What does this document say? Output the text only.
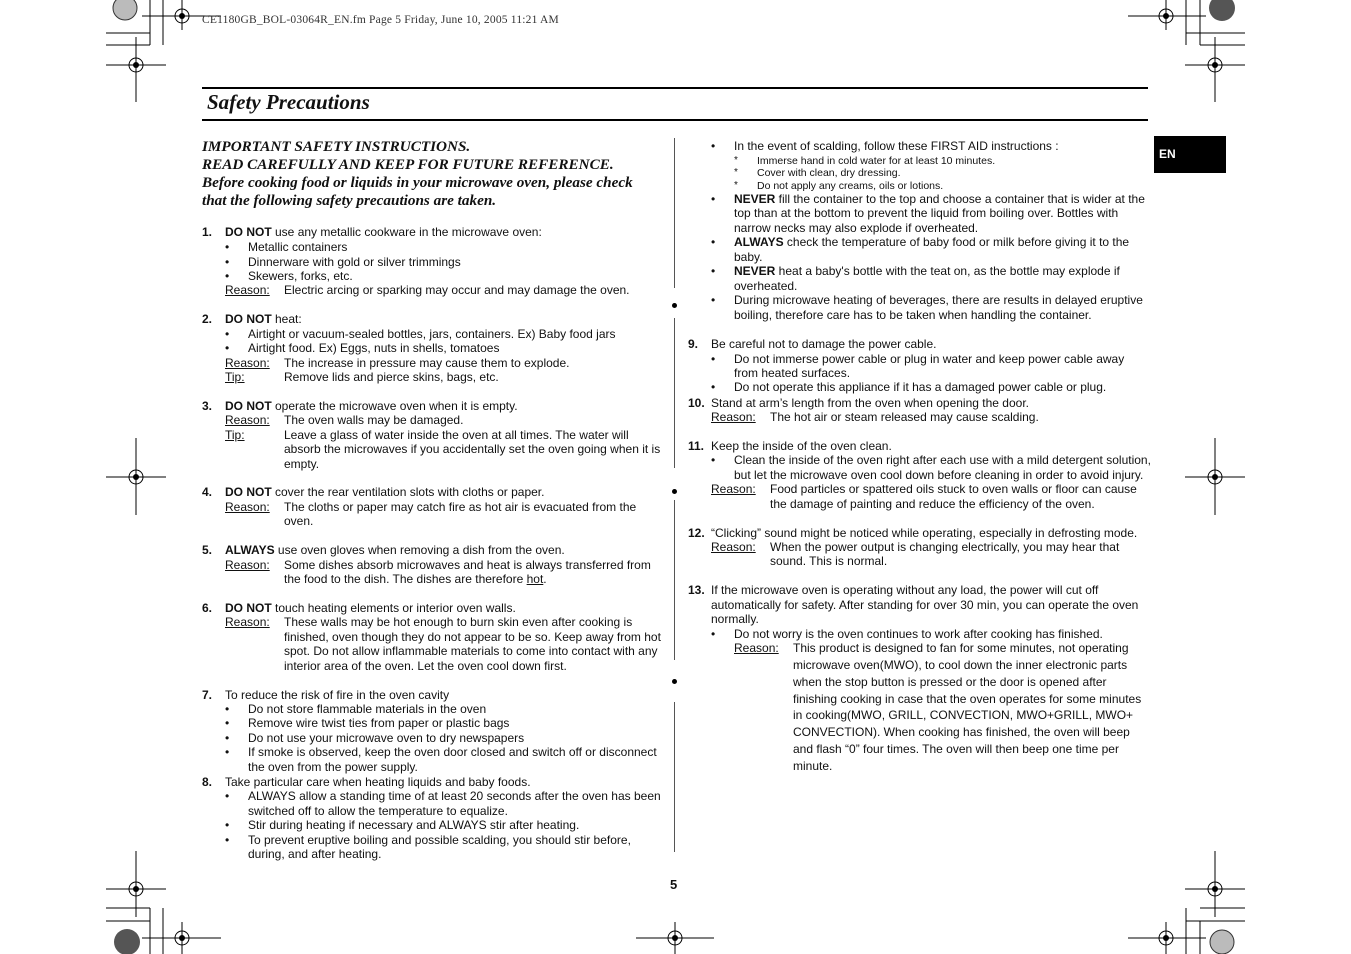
CE1180GB_BOL-03064R_EN.fm Page 5 Friday, June 10, 2005 11:21 AM
Safety Precautions
EN
IMPORTANT SAFETY INSTRUCTIONS.
READ CAREFULLY AND KEEP FOR FUTURE REFERENCE.
Before cooking food or liquids in your microwave oven, please check
that the following safety precautions are taken.
1. DO NOT use any metallic cookware in the microwave oven:
• Metallic containers
• Dinnerware with gold or silver trimmings
• Skewers, forks, etc.
Reason: Electric arcing or sparking may occur and may damage the oven.
2. DO NOT heat:
• Airtight or vacuum-sealed bottles, jars, containers. Ex) Baby food jars
• Airtight food. Ex) Eggs, nuts in shells, tomatoes
Reason: The increase in pressure may cause them to explode.
Tip:	Remove lids and pierce skins, bags, etc.
3. DO NOT operate the microwave oven when it is empty.
Reason: The oven walls may be damaged.
Tip:	Leave a glass of water inside the oven at all times. The water will
absorb the microwaves if you accidentally set the oven going when it is
empty.
4. DO NOT cover the rear ventilation slots with cloths or paper.
Reason: The cloths or paper may catch fire as hot air is evacuated from the
oven.
5. ALWAYS use oven gloves when removing a dish from the oven.
Reason: Some dishes absorb microwaves and heat is always transferred from
the food to the dish. The dishes are therefore hot.
6. DO NOT touch heating elements or interior oven walls.
Reason: These walls may be hot enough to burn skin even after cooking is
finished, oven though they do not appear to be so. Keep away from hot
spot. Do not allow inflammable materials to come into contact with any
interior area of the oven. Let the oven cool down first.
7. To reduce the risk of fire in the oven cavity
• Do not store flammable materials in the oven
• Remove wire twist ties from paper or plastic bags
• Do not use your microwave oven to dry newspapers
• If smoke is observed, keep the oven door closed and switch off or disconnect
the oven from the power supply.
8. Take particular care when heating liquids and baby foods.
• ALWAYS allow a standing time of at least 20 seconds after the oven has been
switched off to allow the temperature to equalize.
• Stir during heating if necessary and ALWAYS stir after heating.
• To prevent eruptive boiling and possible scalding, you should stir before,
during, and after heating.
• In the event of scalding, follow these FIRST AID instructions :
* Immerse hand in cold water for at least 10 minutes.
* Cover with clean, dry dressing.
* Do not apply any creams, oils or lotions.
• NEVER fill the container to the top and choose a container that is wider at the
top than at the bottom to prevent the liquid from boiling over. Bottles with
narrow necks may also explode if overheated.
• ALWAYS check the temperature of baby food or milk before giving it to the
baby.
• NEVER heat a baby's bottle with the teat on, as the bottle may explode if
overheated.
• During microwave heating of beverages, there are results in delayed eruptive
boiling, therefore care has to be taken when handling the container.
9. Be careful not to damage the power cable.
• Do not immerse power cable or plug in water and keep power cable away
from heated surfaces.
• Do not operate this appliance if it has a damaged power cable or plug.
10. Stand at arm’s length from the oven when opening the door.
Reason: The hot air or steam released may cause scalding.
11. Keep the inside of the oven clean.
• Clean the inside of the oven right after each use with a mild detergent solution,
but let the microwave oven cool down before cleaning in order to avoid injury.
Reason: Food particles or spattered oils stuck to oven walls or floor can cause
the damage of painting and reduce the efficiency of the oven.
12. “Clicking” sound might be noticed while operating, especially in defrosting mode.
Reason: When the power output is changing electrically, you may hear that
sound. This is normal.
13. If the microwave oven is operating without any load, the power will cut off
automatically for safety. After standing for over 30 min, you can operate the oven
normally.
• Do not worry is the oven continues to work after cooking has finished.
Reason: This product is designed to fan for some minutes, not operating
microwave oven(MWO), to cool down the inner electronic parts
when the stop button is pressed or the door is opened after
finishing cooking in case that the oven operates for some minutes
in cooking(MWO, GRILL, CONVECTION, MWO+GRILL, MWO+
CONVECTION). When cooking has finished, the oven will beep
and flash “0” four times. The oven will then beep one time per
minute.
5
